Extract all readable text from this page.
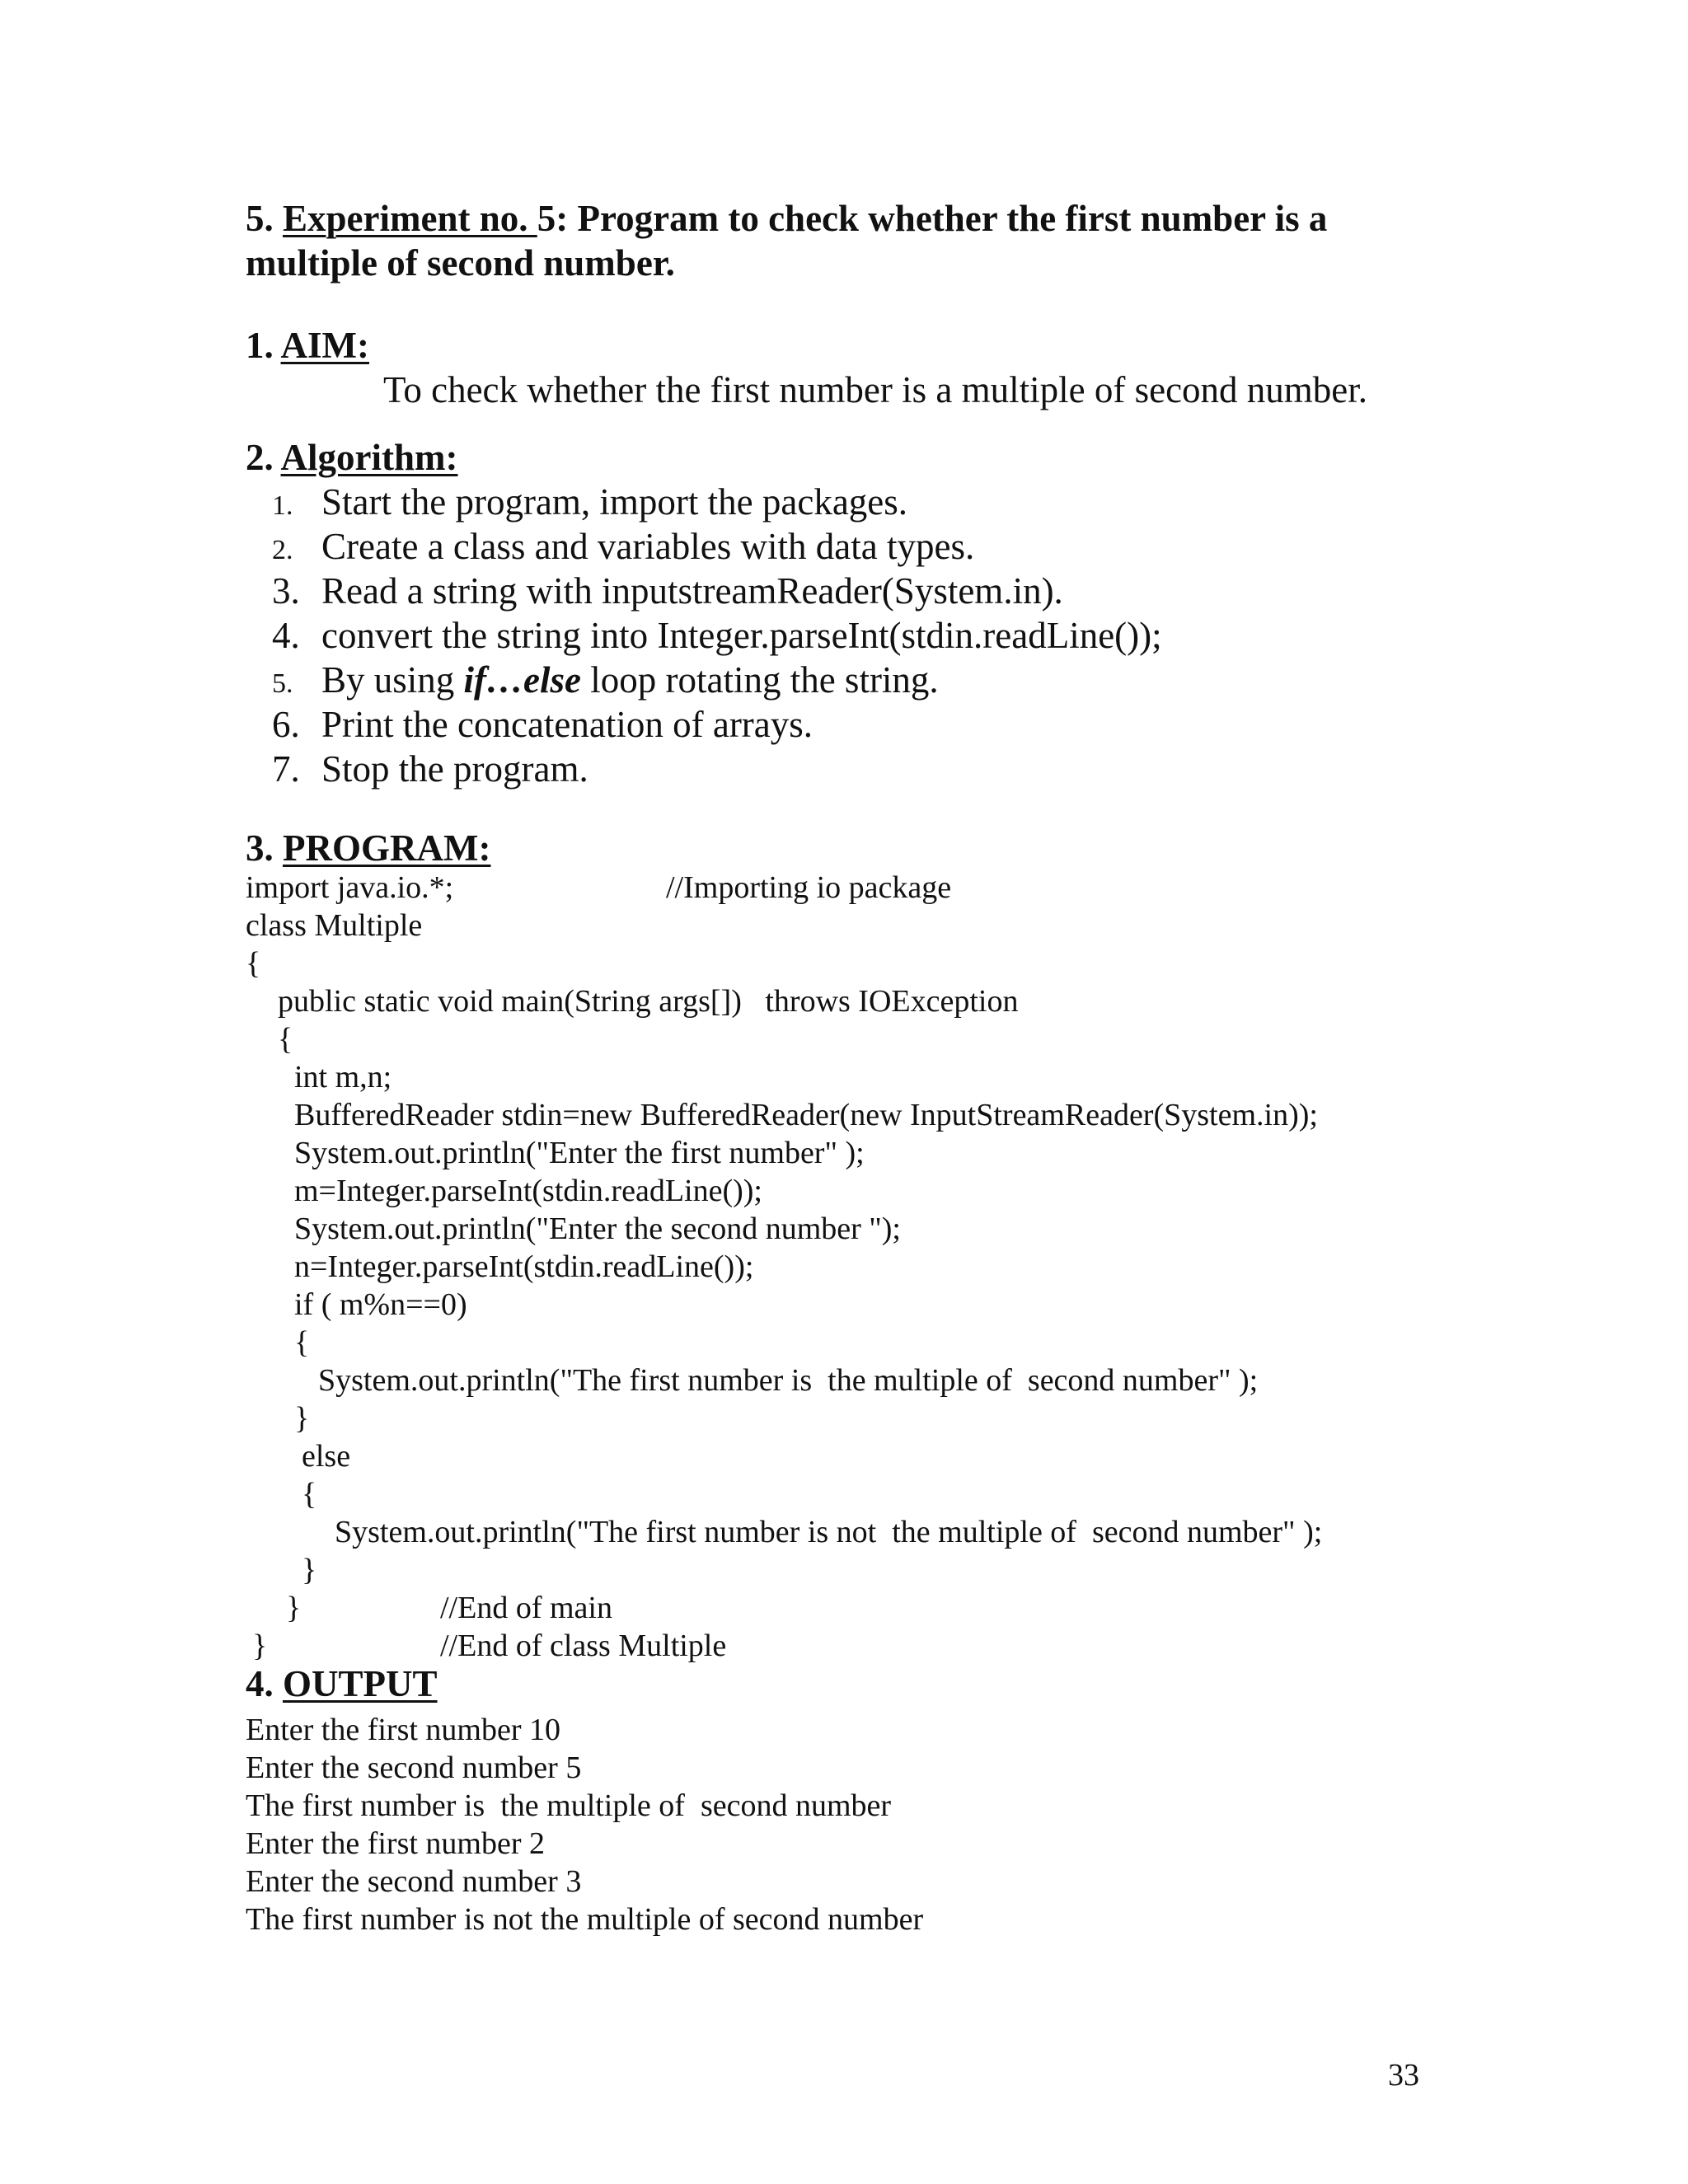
5. Experiment no. 5: Program to check whether the first number is a
multiple of second number.
1. AIM:
To check whether the first number is a multiple of second number.
2. Algorithm:
1. Start the program, import the packages.
2. Create a class and variables with data types.
3. Read a string with inputstreamReader(System.in).
4. convert the string into Integer.parseInt(stdin.readLine());
5. By using if…else loop rotating the string.
6. Print the concatenation of arrays.
7. Stop the program.
3. PROGRAM:
import java.io.*;	//Importing io package
class Multiple
{
public static void main(String args[])   throws IOException
{
int m,n;
BufferedReader stdin=new BufferedReader(new InputStreamReader(System.in));
System.out.println("Enter the first number" );
m=Integer.parseInt(stdin.readLine());
System.out.println("Enter the second number ");
n=Integer.parseInt(stdin.readLine());
if ( m%n==0)
{
System.out.println("The first number is  the multiple of  second number" );
}
else
{
System.out.println("The first number is not  the multiple of  second number" );
}
}	//End of main
}	//End of class Multiple
4. OUTPUT
Enter the first number 10
Enter the second number 5
The first number is  the multiple of  second number
Enter the first number 2
Enter the second number 3
The first number is not the multiple of second number
33
